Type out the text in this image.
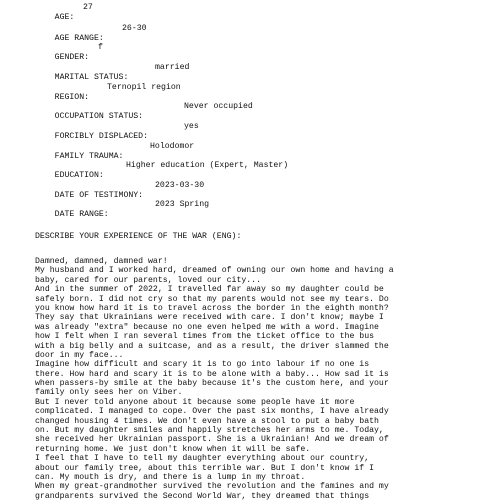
AGE:

27

AGE RANGE:

26-30

GENDER:

f

MARITAL STATUS:

married

REGION:

Ternopil region

OCCUPATION STATUS:

Never occupied

FORCIBLY DISPLACED:

yes

FAMILY TRAUMA:

Holodomor

EDUCATION:

Higher education (Expert, Master)

DATE OF TESTIMONY:

2023-03-30

DATE RANGE:

2023 Spring

DESCRIBE YOUR EXPERIENCE OF THE WAR (ENG):
Damned, damned, damned war!
My husband and I worked hard, dreamed of owning our own home and having a
baby, cared for our parents, loved our city...
And in the summer of 2022, I travelled far away so my daughter could be
safely born. I did not cry so that my parents would not see my tears. Do
you know how hard it is to travel across the border in the eighth month?
They say that Ukrainians were received with care. I don't know; maybe I
was already "extra" because no one even helped me with a word. Imagine
how I felt when I ran several times from the ticket office to the bus
with a big belly and a suitcase, and as a result, the driver slammed the
door in my face...
Imagine how difficult and scary it is to go into labour if no one is
there. How hard and scary it is to be alone with a baby... How sad it is
when passers-by smile at the baby because it's the custom here, and your
family only sees her on Viber.
But I never told anyone about it because some people have it more
complicated. I managed to cope. Over the past six months, I have already
changed housing 4 times. We don't even have a stool to put a baby bath
on. But my daughter smiles and happily stretches her arms to me. Today,
she received her Ukrainian passport. She is a Ukrainian! And we dream of
returning home. We just don't know when it will be safe.
I feel that I have to tell my daughter everything about our country,
about our family tree, about this terrible war. But I don't know if I
can. My mouth is dry, and there is a lump in my throat.
When my great-grandmother survived the revolution and the famines and my
grandparents survived the Second World War, they dreamed that things
